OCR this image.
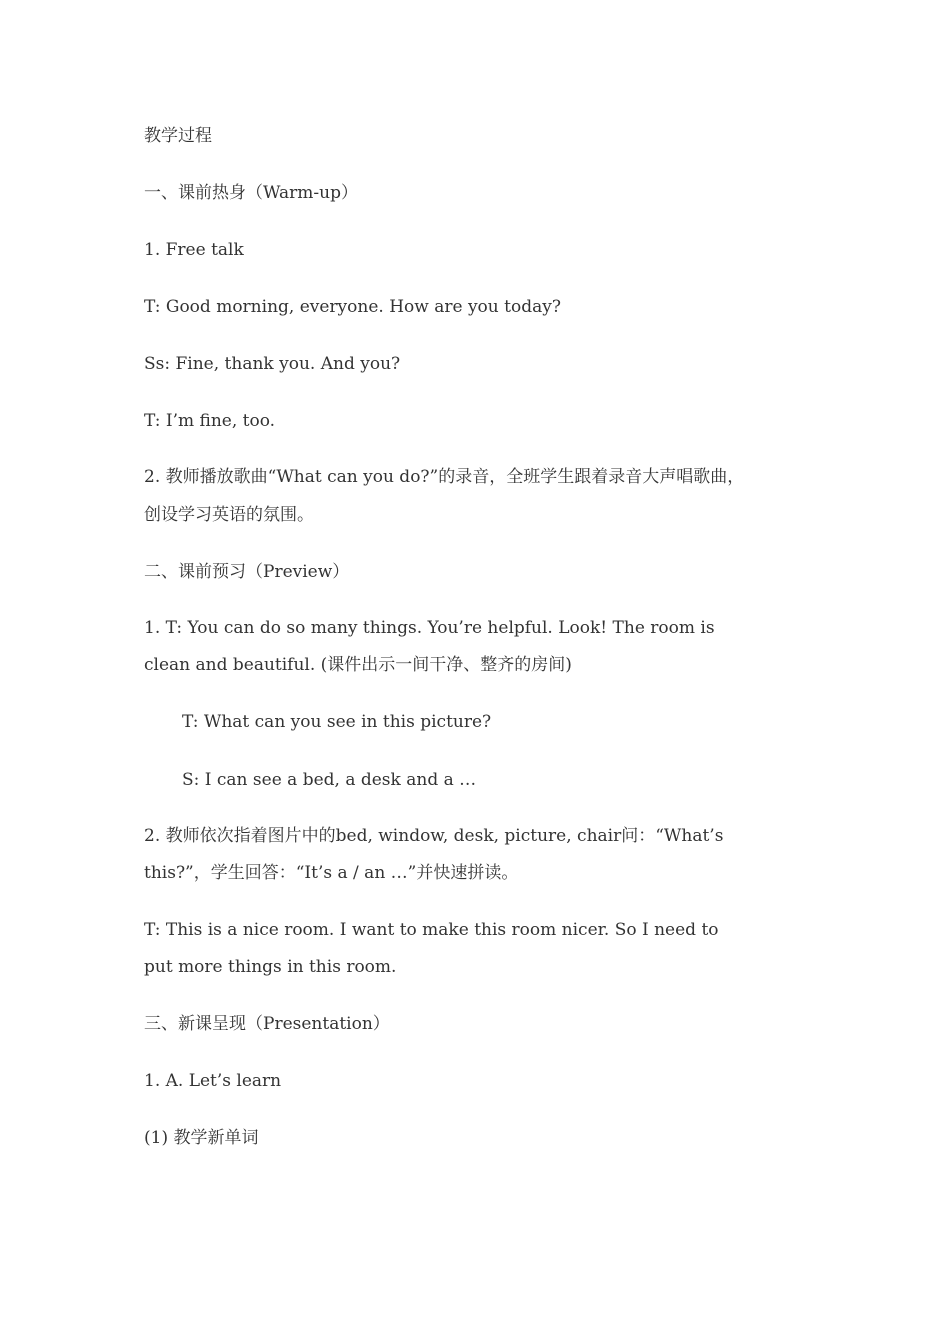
教学过程

一、课前热身（Warm-up）

1. Free talk

T: Good morning, everyone. How are you today?

Ss: Fine, thank you. And you?

T: I’m fine, too.

2. 教师播放歌曲“What can you do?”的录音，全班学生跟着录音大声唱歌曲，

创设学习英语的氛围。

二、课前预习（Preview）

1. T: You can do so many things. You’re helpful. Look! The room is

clean and beautiful. (课件出示一间干净、整齐的房间)

T: What can you see in this picture?

S: I can see a bed, a desk and a …

2. 教师依次指着图片中的bed, window, desk, picture, chair问：“What’s

this?”，学生回答：“It’s a / an …”并快速拼读。

T: This is a nice room. I want to make this room nicer. So I need to

put more things in this room.

三、新课呈现（Presentation）

1. A. Let’s learn

(1) 教学新单词
